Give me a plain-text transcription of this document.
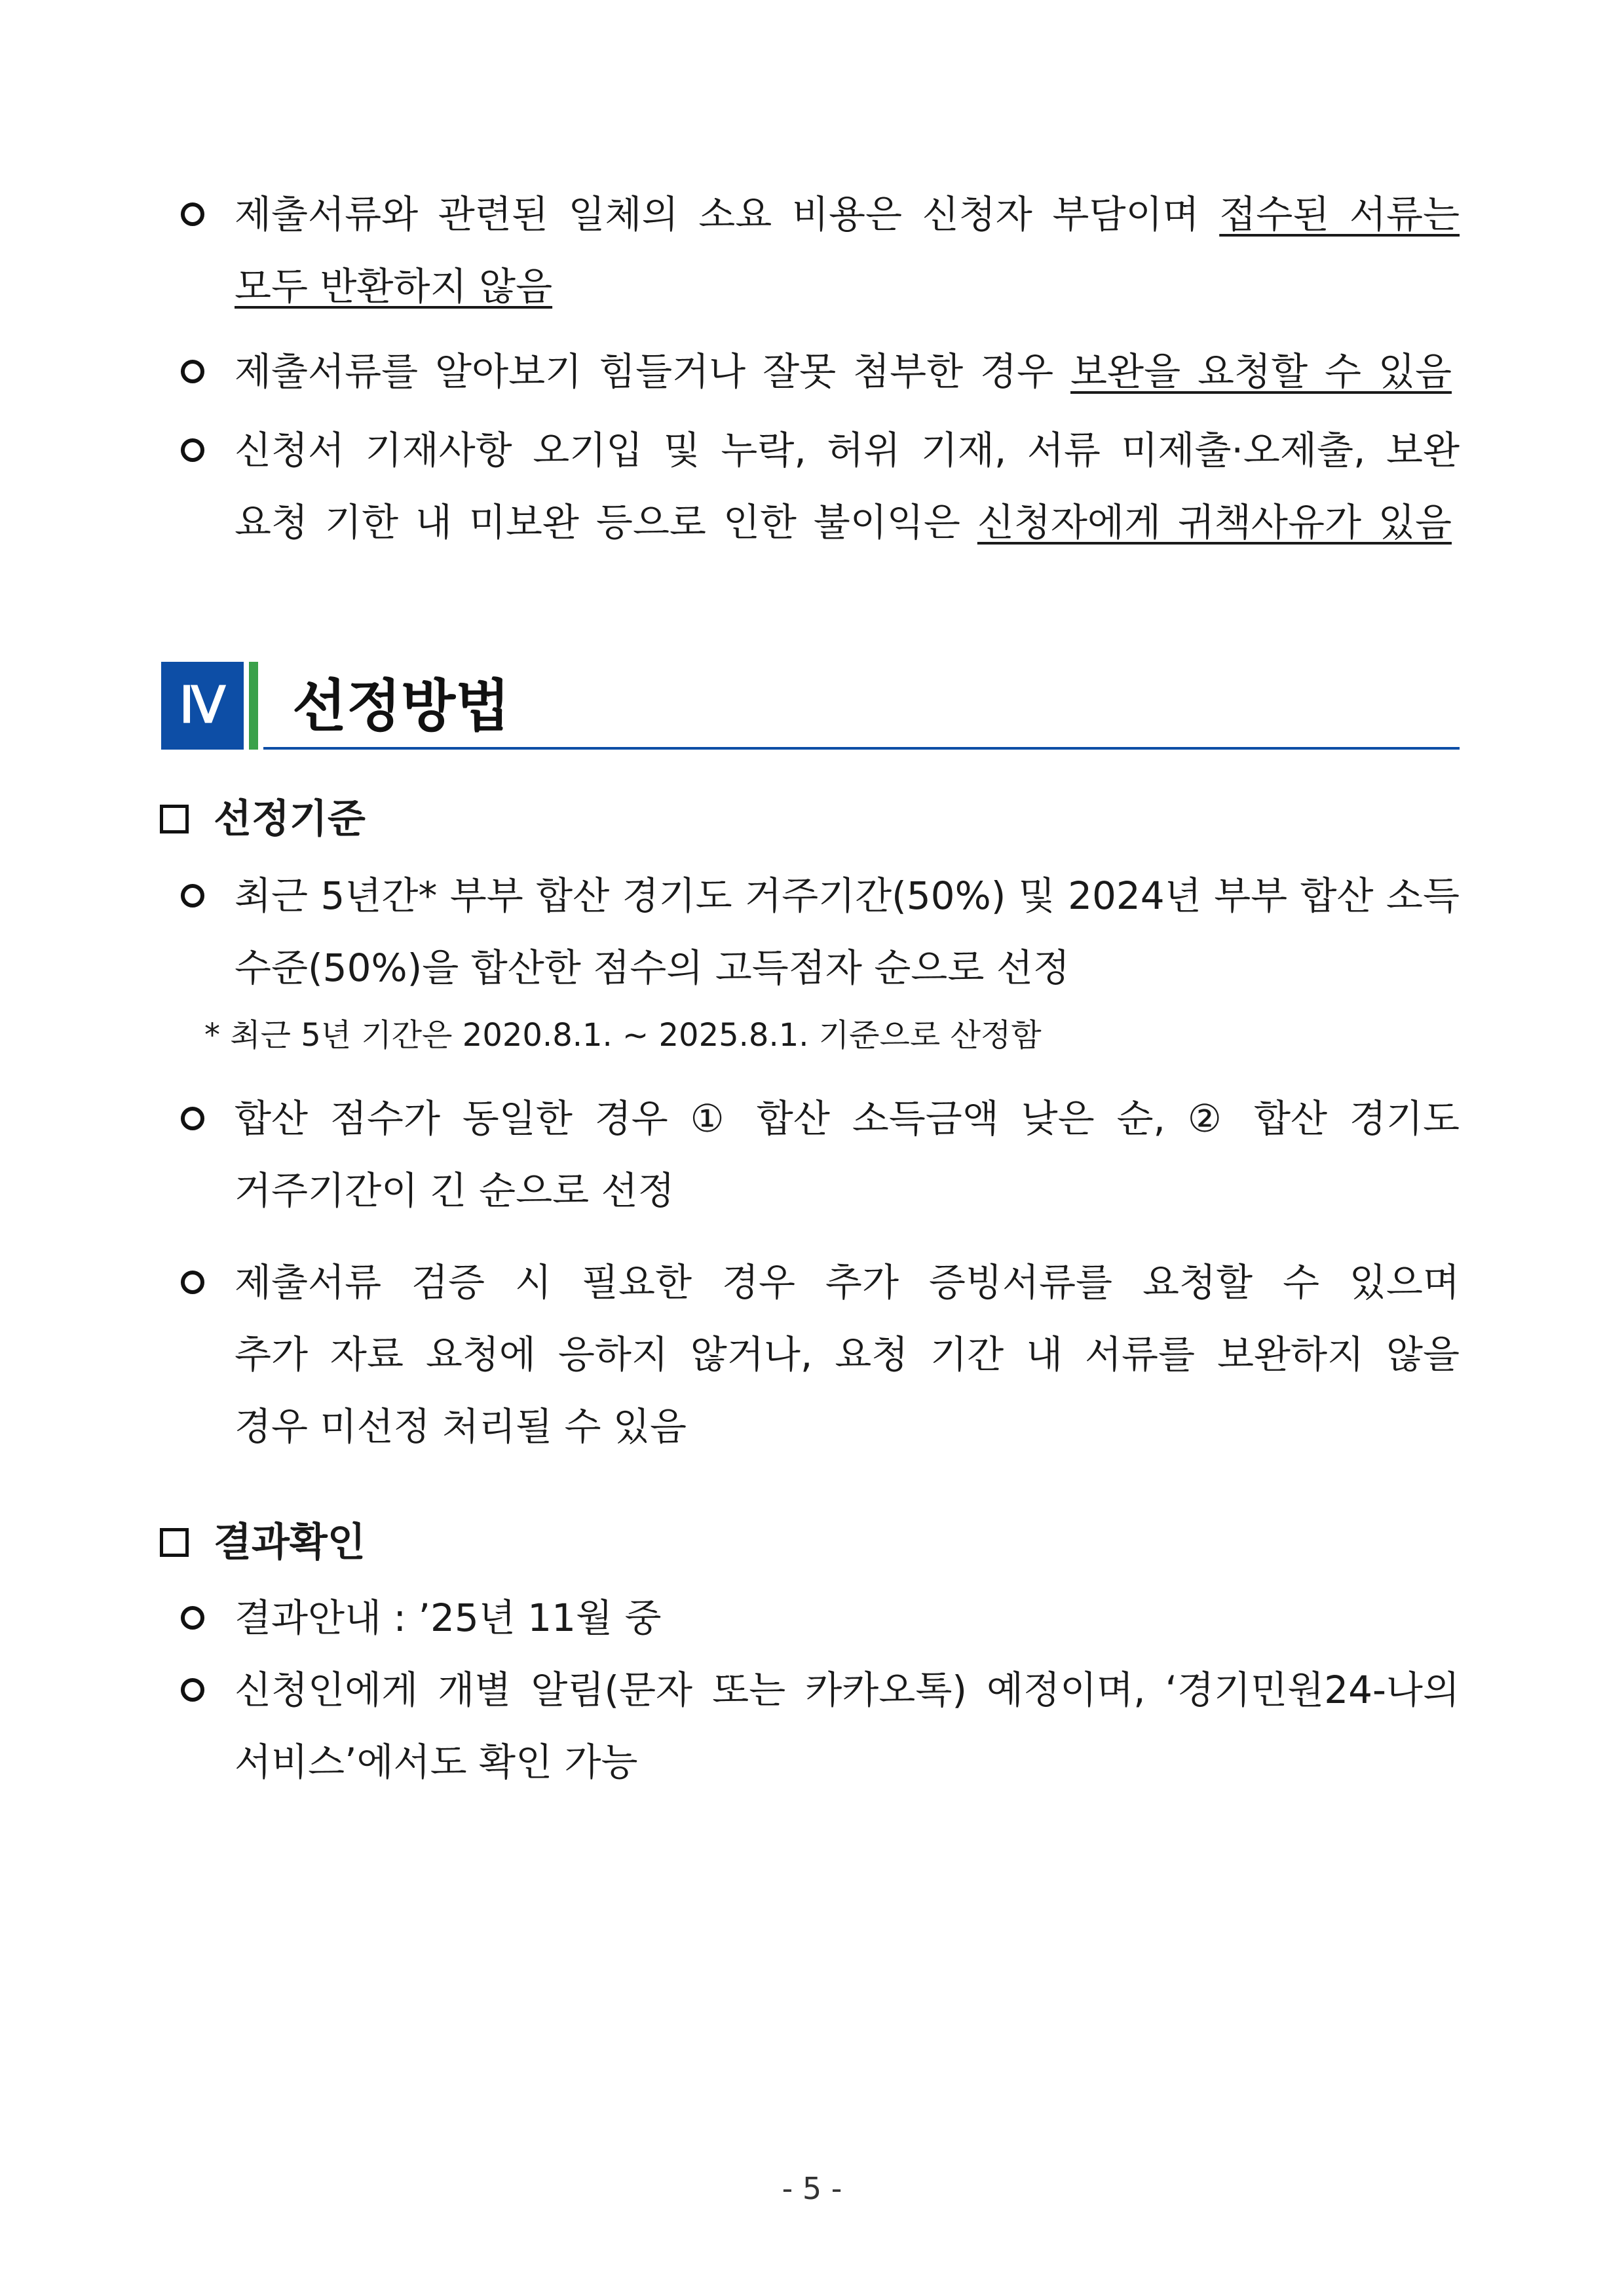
제출서류와 관련된 일체의 소요 비용은 신청자 부담이며 접수된 서류는
모두 반환하지 않음
제출서류를 알아보기 힘들거나 잘못 첨부한 경우 보완을 요청할 수 있음
신청서 기재사항 오기입 및 누락, 허위 기재, 서류 미제출·오제출, 보완
요청 기한 내 미보완 등으로 인한 불이익은 신청자에게 귀책사유가 있음
Ⅳ	선정방법
선정기준
최근 5년간* 부부 합산 경기도 거주기간(50%) 및 2024년 부부 합산 소득
수준(50%)을 합산한 점수의 고득점자 순으로 선정
* 최근 5년 기간은 2020.8.1. ~ 2025.8.1. 기준으로 산정함
합산 점수가 동일한 경우 ① 합산 소득금액 낮은 순, ② 합산 경기도
거주기간이 긴 순으로 선정
제출서류 검증 시 필요한 경우 추가 증빙서류를 요청할 수 있으며
추가 자료 요청에 응하지 않거나, 요청 기간 내 서류를 보완하지 않을
경우 미선정 처리될 수 있음
결과확인
결과안내 : ’25년 11월 중
신청인에게 개별 알림(문자 또는 카카오톡) 예정이며, ‘경기민원24-나의
서비스’에서도 확인 가능
- 5 -
